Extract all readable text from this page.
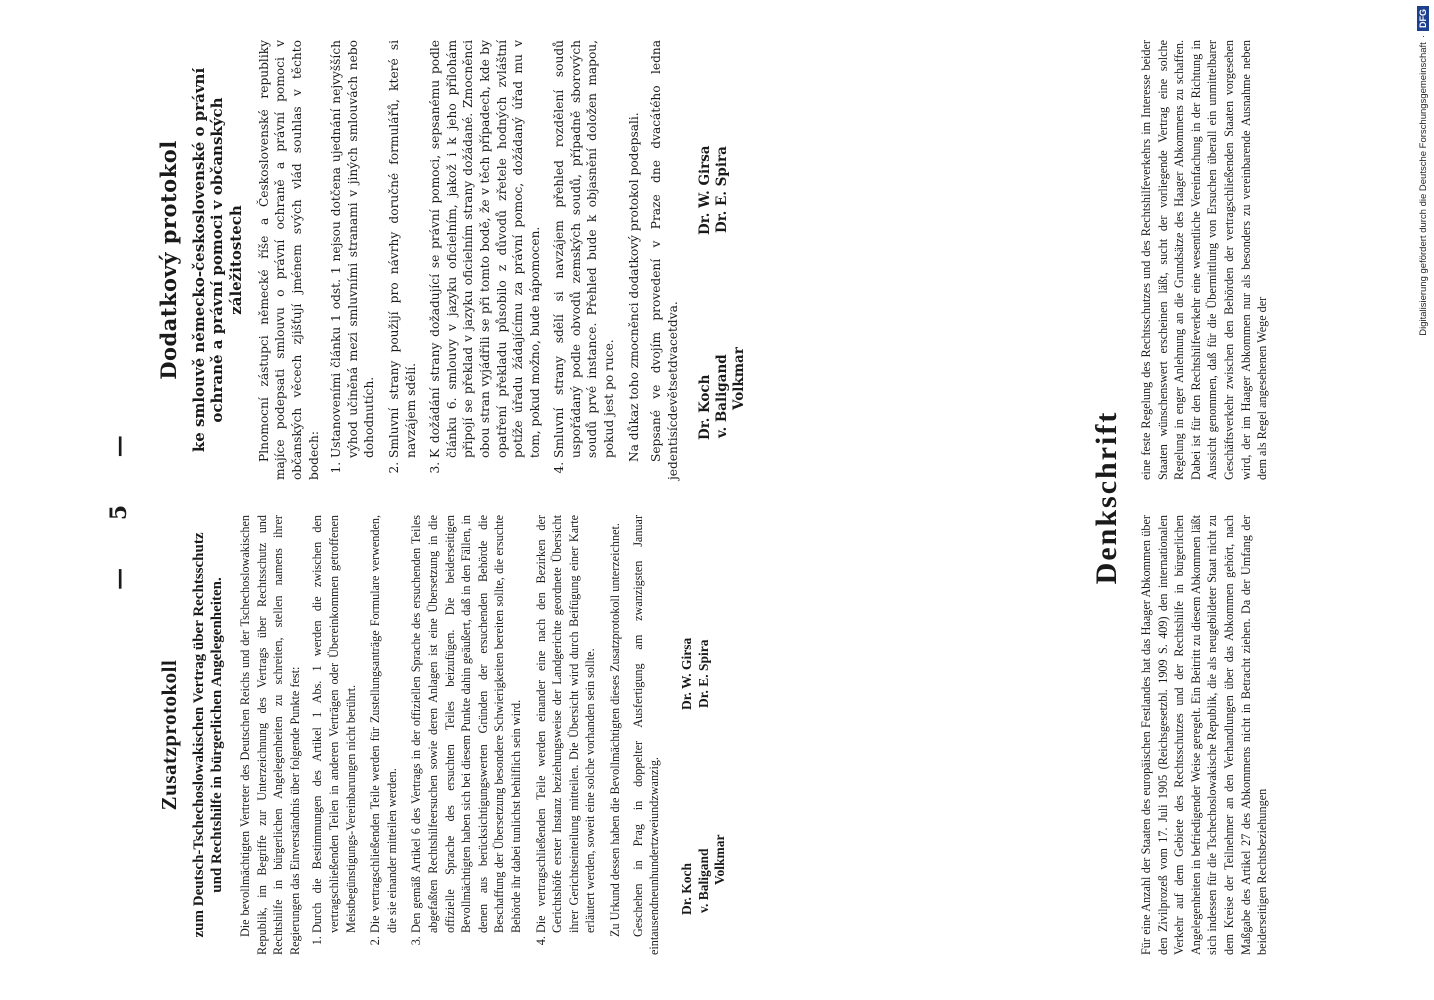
— 5 —
Zusatzprotokoll zum Deutsch-Tschechoslowakischen Vertrag über Rechtsschutz und Rechtshilfe in bürgerlichen Angelegenheiten. Die bevollmächtigten Vertreter des Deutschen Reichs und der Tschechoslowakischen Republik, im Begriffe zur Unterzeichnung des Vertrags über Rechtsschutz und Rechtshilfe in bürgerlichen Angelegenheiten zu schreiten, stellen namens ihrer Regierungen das Einverständnis über folgende Punkte fest: 1. Durch die Bestimmungen des Artikel 1 Abs. 1 werden die zwischen den vertragschließenden Teilen in anderen Verträgen oder Übereinkommen getroffenen Meistbegünstigungs-Vereinbarungen nicht berührt. 2. Die vertragschließenden Teile werden für Zustellungsanträge Formulare verwenden, die sie einander mitteilen werden. 3. Den gemäß Artikel 6 des Vertrags in der offiziellen Sprache des ersuchenden Teiles abgefaßten Rechtshilfeersuchen sowie deren Anlagen ist eine Übersetzung in die offizielle Sprache des ersuchten Teiles beizufügen. Die beiderseitigen Bevollmächtigten haben sich bei diesem Punkte dahin geäußert, daß in den Fällen, in denen aus berücksichtigungswerten Gründen der ersuchenden Behörde die Beschaffung der Übersetzung besondere Schwierigkeiten bereiten sollte, die ersuchte Behörde ihr dabei tunlichst behilflich sein wird. 4. Die vertragschließenden Teile werden einander eine nach den Bezirken der Gerichtshöfe erster Instanz beziehungsweise der Landgerichte geordnete Übersicht ihrer Gerichtseinteilung mitteilen. Die Übersicht wird durch Beifügung einer Karte erläutert werden, soweit eine solche vorhanden sein sollte. Zu Urkund dessen haben die Bevollmächtigten dieses Zusatzprotokoll unterzeichnet. Geschehen in Prag in doppelter Ausfertigung am zwanzigsten Januar eintausendneunhundertzweiundzwanzig. Dr. Koch v. Baligand Volkmar
Dr. W. Girsa Dr. E. Spira
Dodatkový protokol ke smlouvě německo-československé o právní ochraně a právní pomoci v občanských záležitostech Plnomocní zástupci německé říše a Československé republiky majíce podepsati smlouvu o právní ochraně a právní pomoci v občanských věcech zjišťují jménem svých vlád souhlas v těchto bodech: 1. Ustanoveními článku 1 odst. 1 nejsou dotčena ujednání nejvyšších výhod učiněná mezi smluvními stranami v jiných smlouvách nebo dohodnutích. 2. Smluvní strany použijí pro návrhy doručné formulářů, které si navzájem sdělí. 3. K dožádání strany dožadující se právní pomoci, sepsanému podle článku 6. smlouvy v jazyku oficielním, jakož i k jeho přílohám připojí se překlad v jazyku oficielním strany dožádané. Zmocněnci obou stran vyjádřili se při tomto bodě, že v těch případech, kde by opatření překladu působilo z důvodů zřetele hodných zvláštní potíže úřadu žádajícímu za právní pomoc, dožádaný úřad mu v tom, pokud možno, bude nápomocen. 4. Smluvní strany sdělí si navzájem přehled rozdělení soudů uspořádaný podle obvodů zemských soudů, případně sborových soudů prvé instance. Přehled bude k objasnění doložen mapou, pokud jest po ruce. Na důkaz toho zmocněnci dodatkový protokol podepsali. Sepsané ve dvojím provedení v Praze dne dvacátého ledna jedentisícdevětsetdvacetdva. Dr. Koch v. Baligand Volkmar
Dr. W. Girsa Dr. E. Spira
Denkschrift

Für eine Anzahl der Staaten des europäischen Festlandes hat das Haager Abkommen über den Zivilprozeß vom 17. Juli 1905 (Reichsgesetzbl. 1909 S. 409) den internationalen Verkehr auf dem Gebiete des Rechtsschutzes und der Rechtshilfe in bürgerlichen Angelegenheiten in befriedigender Weise geregelt. Ein Beitritt zu diesem Abkommen läßt sich indessen für die Tschechoslowakische Republik, die als neugebildeter Staat nicht zu dem Kreise der Teilnehmer an den Verhandlungen über das Abkommen gehört, nach Maßgabe des Artikel 27 des Abkommens nicht in Betracht ziehen. Da der Umfang der beiderseitigen Rechtsbeziehungen

eine feste Regelung des Rechtsschutzes und des Rechtshilfeverkehrs im Interesse beider Staaten wünschenswert erscheinen läßt, sucht der vorliegende Vertrag eine solche Regelung in enger Anlehnung an die Grundsätze des Haager Abkommens zu schaffen. Dabei ist für den Rechtshilfeverkehr eine wesentliche Vereinfachung in der Richtung in Aussicht genommen, daß für die Übermittlung von Ersuchen überall ein unmittelbarer Geschäftsverkehr zwischen den Behörden der vertragschließenden Staaten vorgesehen wird, der im Haager Abkommen nur als besonders zu vereinbarende Ausnahme neben dem als Regel angesehenen Wege der

Digitalisierung gefördert durch die Deutsche Forschungsgemeinschaft
·
DFG
